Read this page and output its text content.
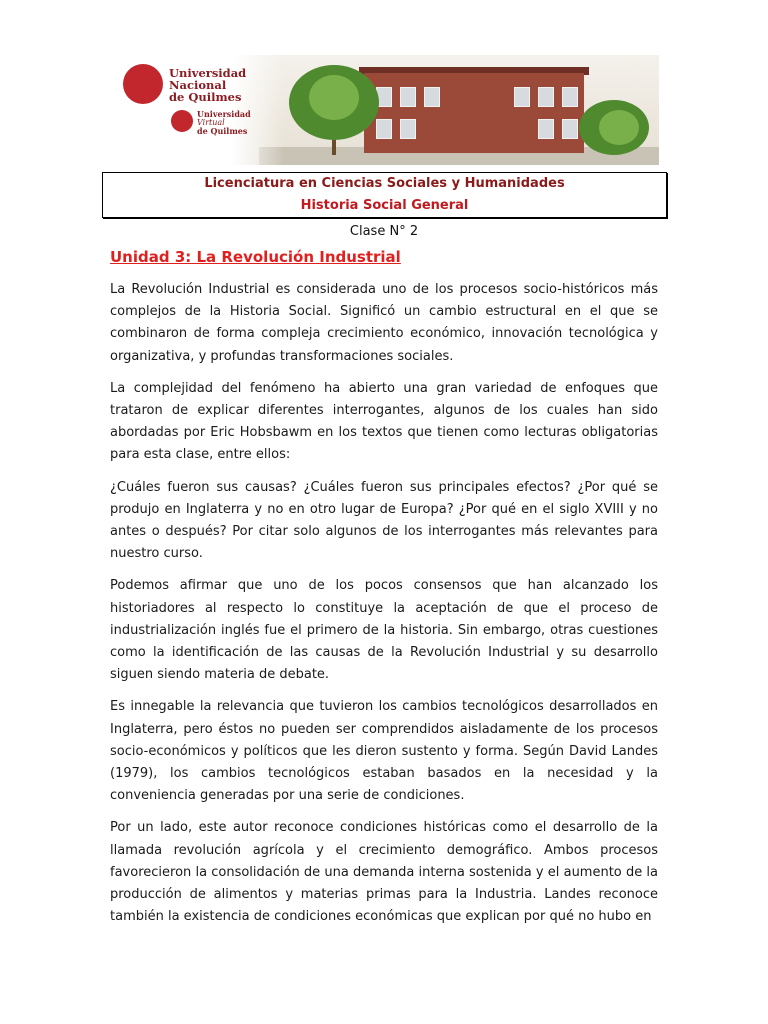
Universidad
Nacional
de Quilmes
Universidad
Virtual
de Quilmes
Licenciatura en Ciencias Sociales y Humanidades
Historia Social General
Clase N° 2
Unidad 3: La Revolución Industrial

La Revolución Industrial es considerada uno de los procesos socio-históricos más complejos de la Historia Social. Significó un cambio estructural en el que se combinaron de forma compleja crecimiento económico, innovación tecnológica y organizativa, y profundas transformaciones sociales.

La complejidad del fenómeno ha abierto una gran variedad de enfoques que trataron de explicar diferentes interrogantes, algunos de los cuales han sido abordadas por Eric Hobsbawm en los textos que tienen como lecturas obligatorias para esta clase, entre ellos:

¿Cuáles fueron sus causas? ¿Cuáles fueron sus principales efectos? ¿Por qué se produjo en Inglaterra y no en otro lugar de Europa? ¿Por qué en el siglo XVIII y no antes o después? Por citar solo algunos de los interrogantes más relevantes para nuestro curso.

Podemos afirmar que uno de los pocos consensos que han alcanzado los historiadores al respecto lo constituye la aceptación de que el proceso de industrialización inglés fue el primero de la historia. Sin embargo, otras cuestiones como la identificación de las causas de la Revolución Industrial y su desarrollo siguen siendo materia de debate.

Es innegable la relevancia que tuvieron los cambios tecnológicos desarrollados en Inglaterra, pero éstos no pueden ser comprendidos aisladamente de los procesos socio-económicos y políticos que les dieron sustento y forma. Según David Landes (1979), los cambios tecnológicos estaban basados en la necesidad y la conveniencia generadas por una serie de condiciones.

Por un lado, este autor reconoce condiciones históricas como el desarrollo de la llamada revolución agrícola y el crecimiento demográfico. Ambos procesos favorecieron la consolidación de una demanda interna sostenida y el aumento de la producción de alimentos y materias primas para la Industria. Landes reconoce también la existencia de condiciones económicas que explican por qué no hubo en
